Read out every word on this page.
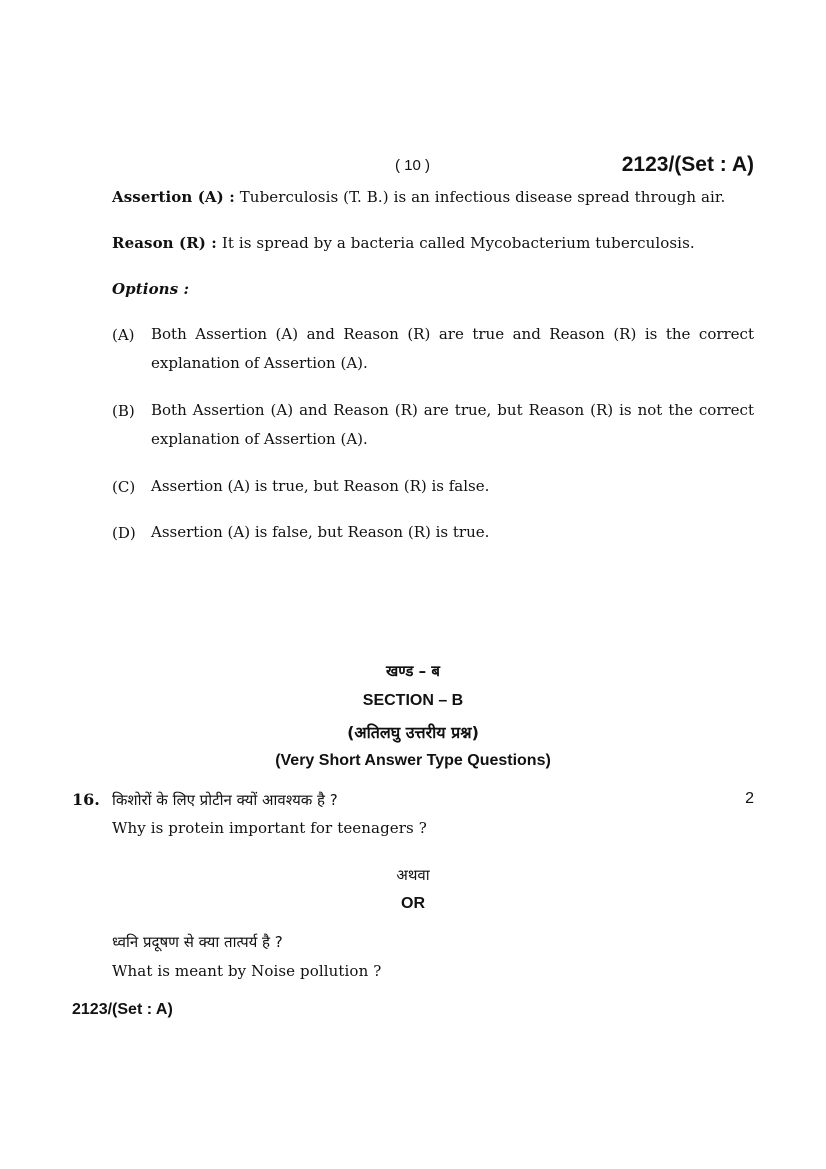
( 10 )	2123/(Set : A)
Assertion (A) : Tuberculosis (T. B.) is an infectious disease spread through air.
Reason (R) : It is spread by a bacteria called Mycobacterium tuberculosis.
Options :
(A) Both Assertion (A) and Reason (R) are true and Reason (R) is the correct explanation of Assertion (A).
(B) Both Assertion (A) and Reason (R) are true, but Reason (R) is not the correct explanation of Assertion (A).
(C) Assertion (A) is true, but Reason (R) is false.
(D) Assertion (A) is false, but Reason (R) is true.
खण्ड – ब
SECTION – B
(अतिलघु उत्तरीय प्रश्न)
(Very Short Answer Type Questions)
16. किशोरों के लिए प्रोटीन क्यों आवश्यक है ?	2
Why is protein important for teenagers ?
अथवा
OR
ध्वनि प्रदूषण से क्या तात्पर्य है ?
What is meant by Noise pollution ?
2123/(Set : A)
